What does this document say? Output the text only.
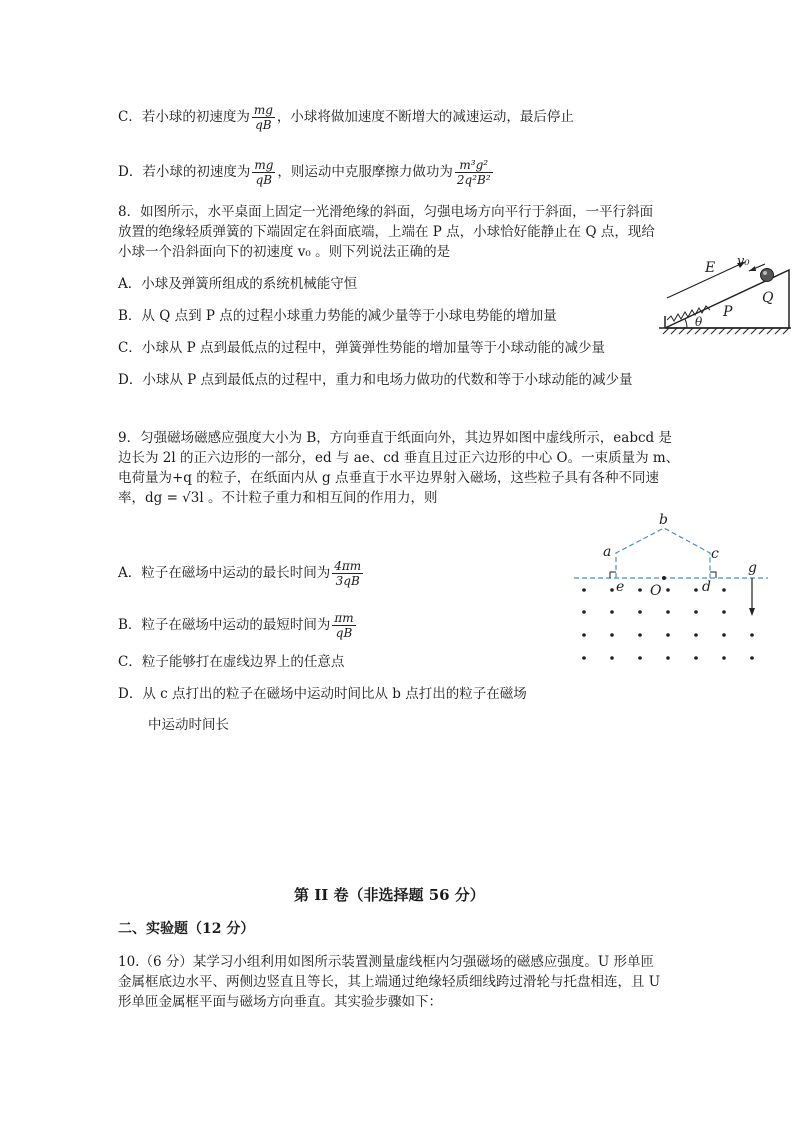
C．若小球的初速度为 $\frac{mg}{qB}$ ，小球将做加速度不断增大的减速运动，最后停止
D．若小球的初速度为 $\frac{mg}{qB}$ ，则运动中克服摩擦力做功为 $\frac{\text{m³g²}}{\text{2q²B²}}$
8．如图所示，水平桌面上固定一光滑绝缘的斜面，匀强电场方向平行于斜面，一平行斜面
放置的绝缘轻质弹簧的下端固定在斜面底端，上端在 P 点，小球恰好能静止在 Q 点，现给
小球一个沿斜面向下的初速度 v₀ 。则下列说法正确的是
A．小球及弹簧所组成的系统机械能守恒
B．从 Q 点到 P 点的过程小球重力势能的减少量等于小球电势能的增加量
C．小球从 P 点到最低点的过程中，弹簧弹性势能的增加量等于小球动能的减少量
D．小球从 P 点到最低点的过程中，重力和电场力做功的代数和等于小球动能的减少量
θ
E v₀
Q
P
9．匀强磁场磁感应强度大小为 B，方向垂直于纸面向外，其边界如图中虚线所示，eabcd 是
边长为 2l 的正六边形的一部分，ed 与 ae、cd 垂直且过正六边形的中心 O。一束质量为 m、
电荷量为+q 的粒子，在纸面内从 g 点垂直于水平边界射入磁场，这些粒子具有各种不同速
率，dg = √3l 。不计粒子重力和相互间的作用力，则
A．粒子在磁场中运动的最长时间为 $\frac{4\pi m}{3qB}$
B．粒子在磁场中运动的最短时间为 $\frac{\pi m}{qB}$
C．粒子能够打在虚线边界上的任意点
D．从 c 点打出的粒子在磁场中运动时间比从 b 点打出的粒子在磁场
中运动时间长
a
b
c
e	d
O
g
第 II 卷（非选择题 56 分）
二、实验题（12 分）
10.（6 分）某学习小组利用如图所示装置测量虚线框内匀强磁场的磁感应强度。U 形单匝
金属框底边水平、两侧边竖直且等长，其上端通过绝缘轻质细线跨过滑轮与托盘相连，且 U
形单匝金属框平面与磁场方向垂直。其实验步骤如下：
